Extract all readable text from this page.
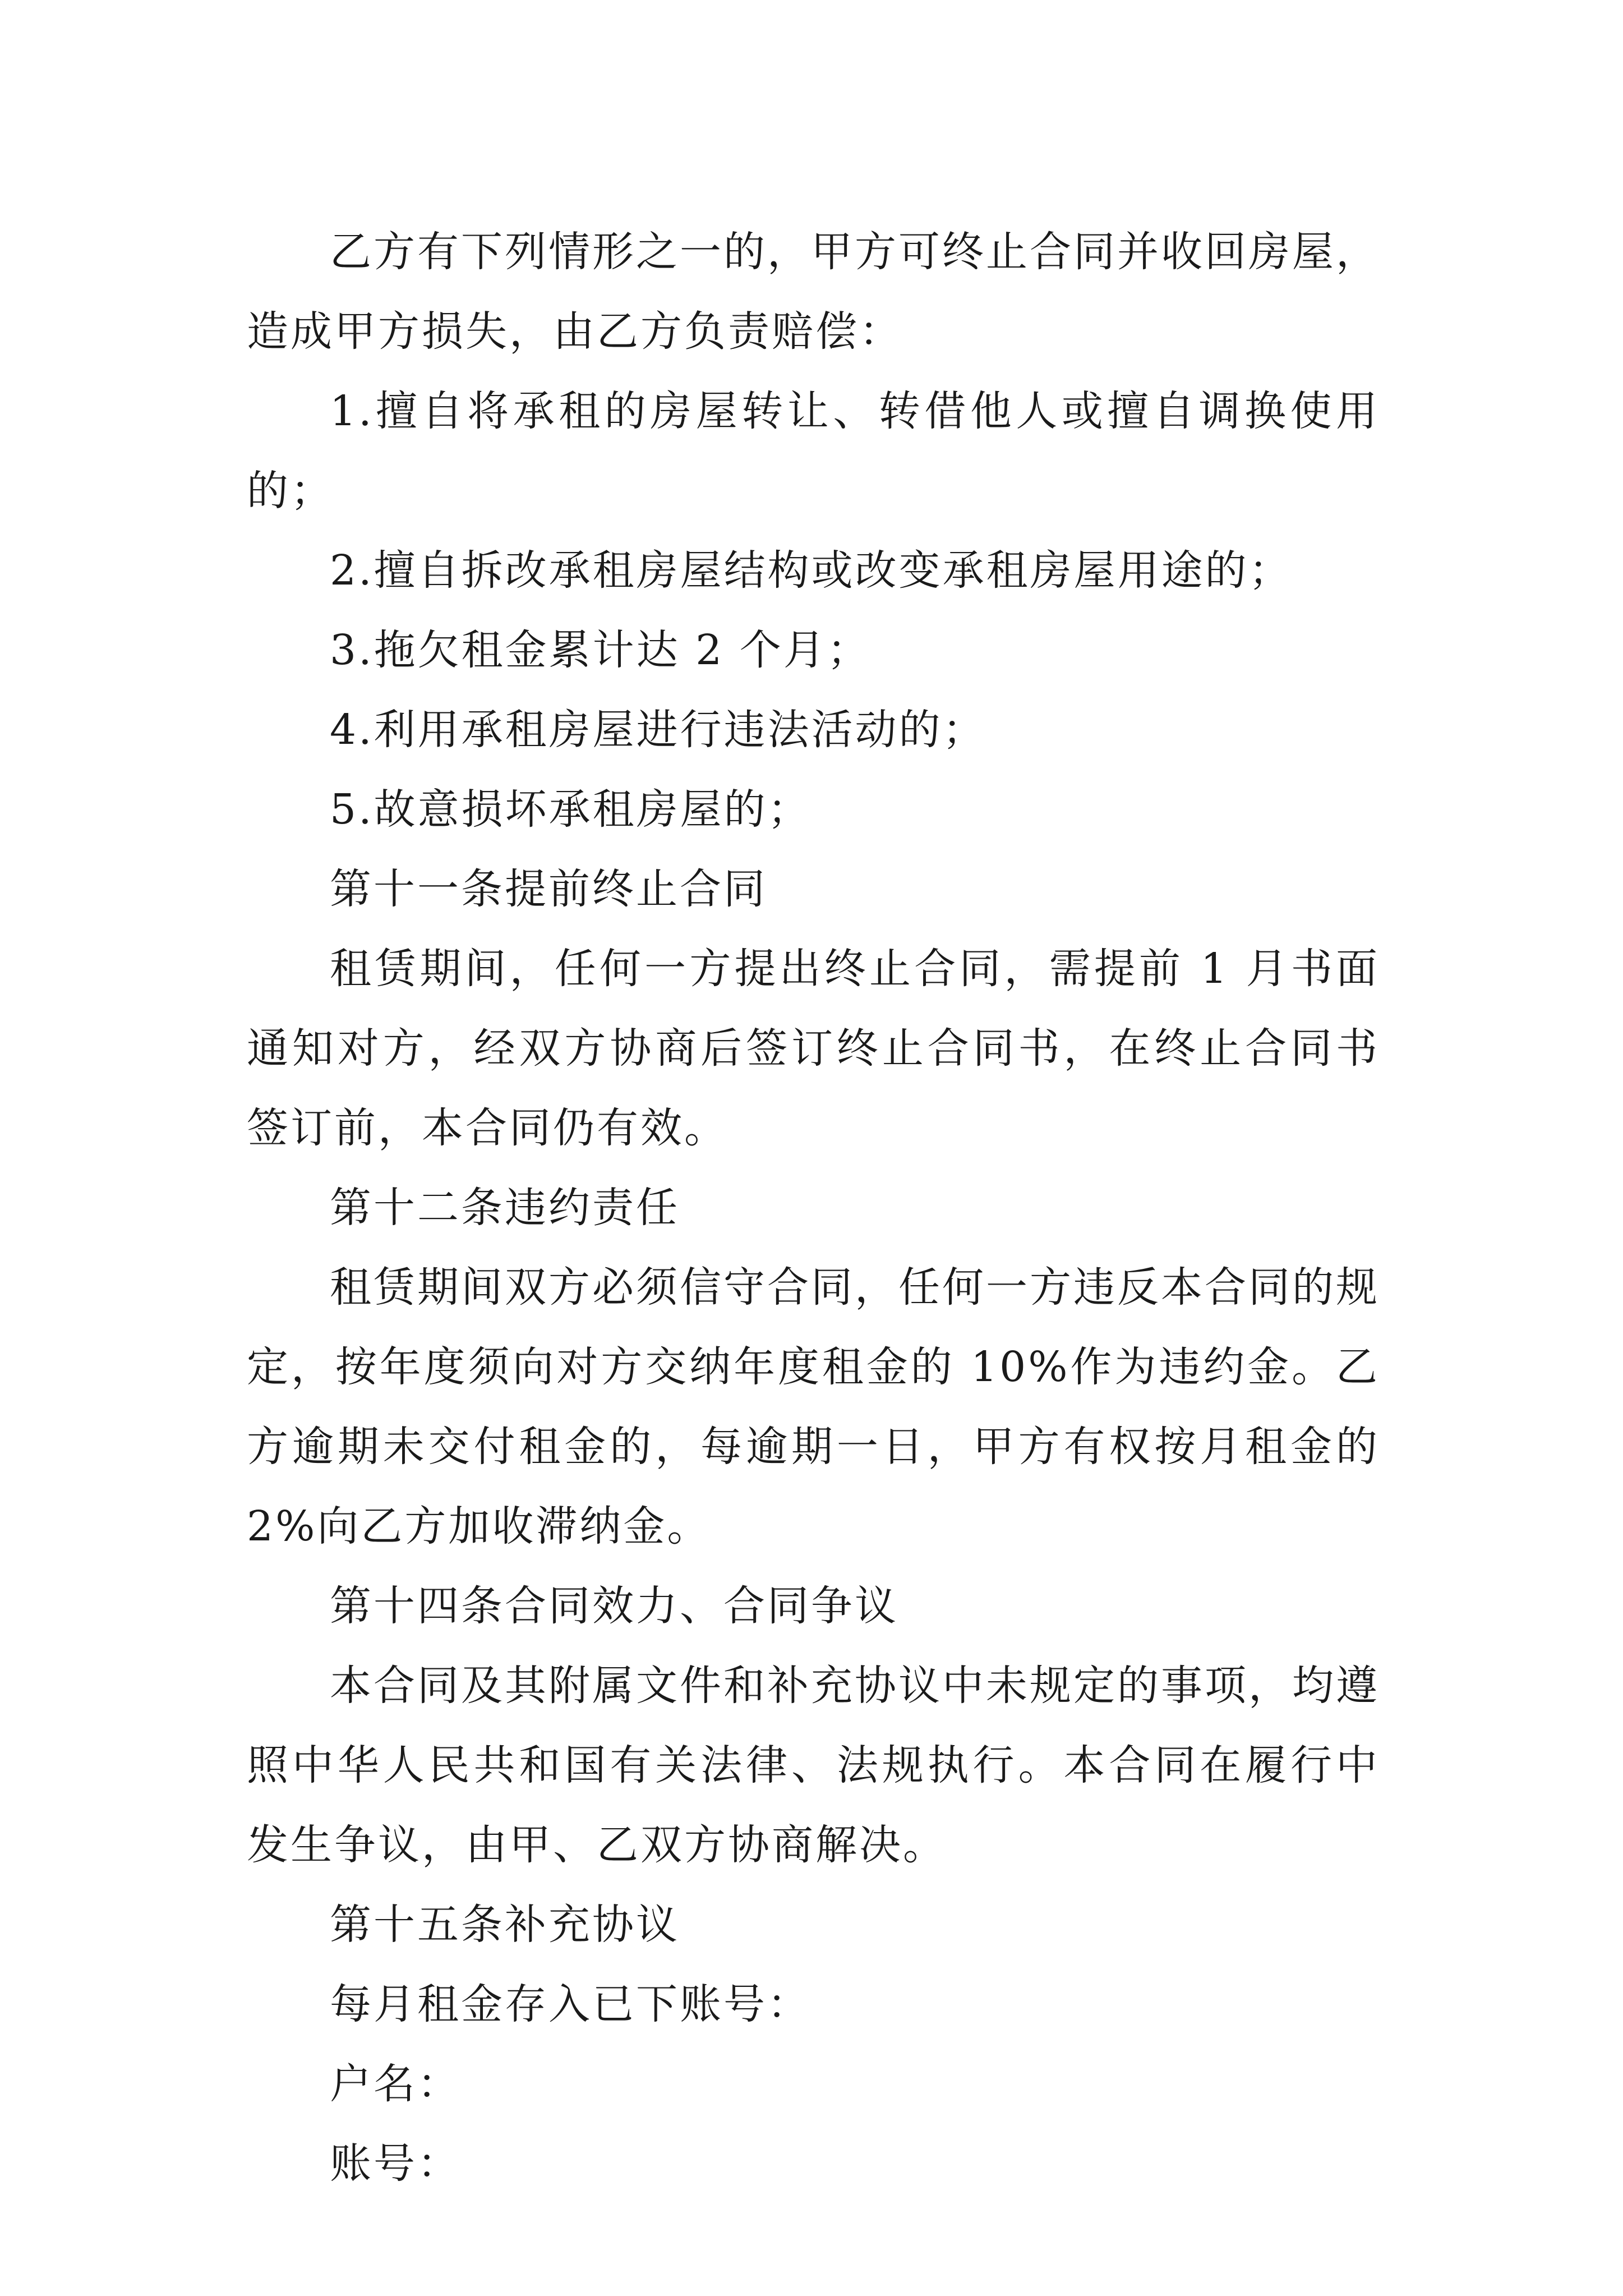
乙方有下列情形之一的，甲方可终止合同并收回房屋，造成甲方损失，由乙方负责赔偿：

1.擅自将承租的房屋转让、转借他人或擅自调换使用的；

2.擅自拆改承租房屋结构或改变承租房屋用途的；

3.拖欠租金累计达 2 个月；

4.利用承租房屋进行违法活动的；

5.故意损坏承租房屋的；

第十一条提前终止合同

租赁期间，任何一方提出终止合同，需提前 1 月书面通知对方，经双方协商后签订终止合同书，在终止合同书签订前，本合同仍有效。

第十二条违约责任

租赁期间双方必须信守合同，任何一方违反本合同的规定，按年度须向对方交纳年度租金的 10%作为违约金。乙方逾期未交付租金的，每逾期一日，甲方有权按月租金的 2%向乙方加收滞纳金。

第十四条合同效力、合同争议

本合同及其附属文件和补充协议中未规定的事项，均遵照中华人民共和国有关法律、法规执行。本合同在履行中发生争议，由甲、乙双方协商解决。

第十五条补充协议

每月租金存入已下账号：

户名：

账号：
